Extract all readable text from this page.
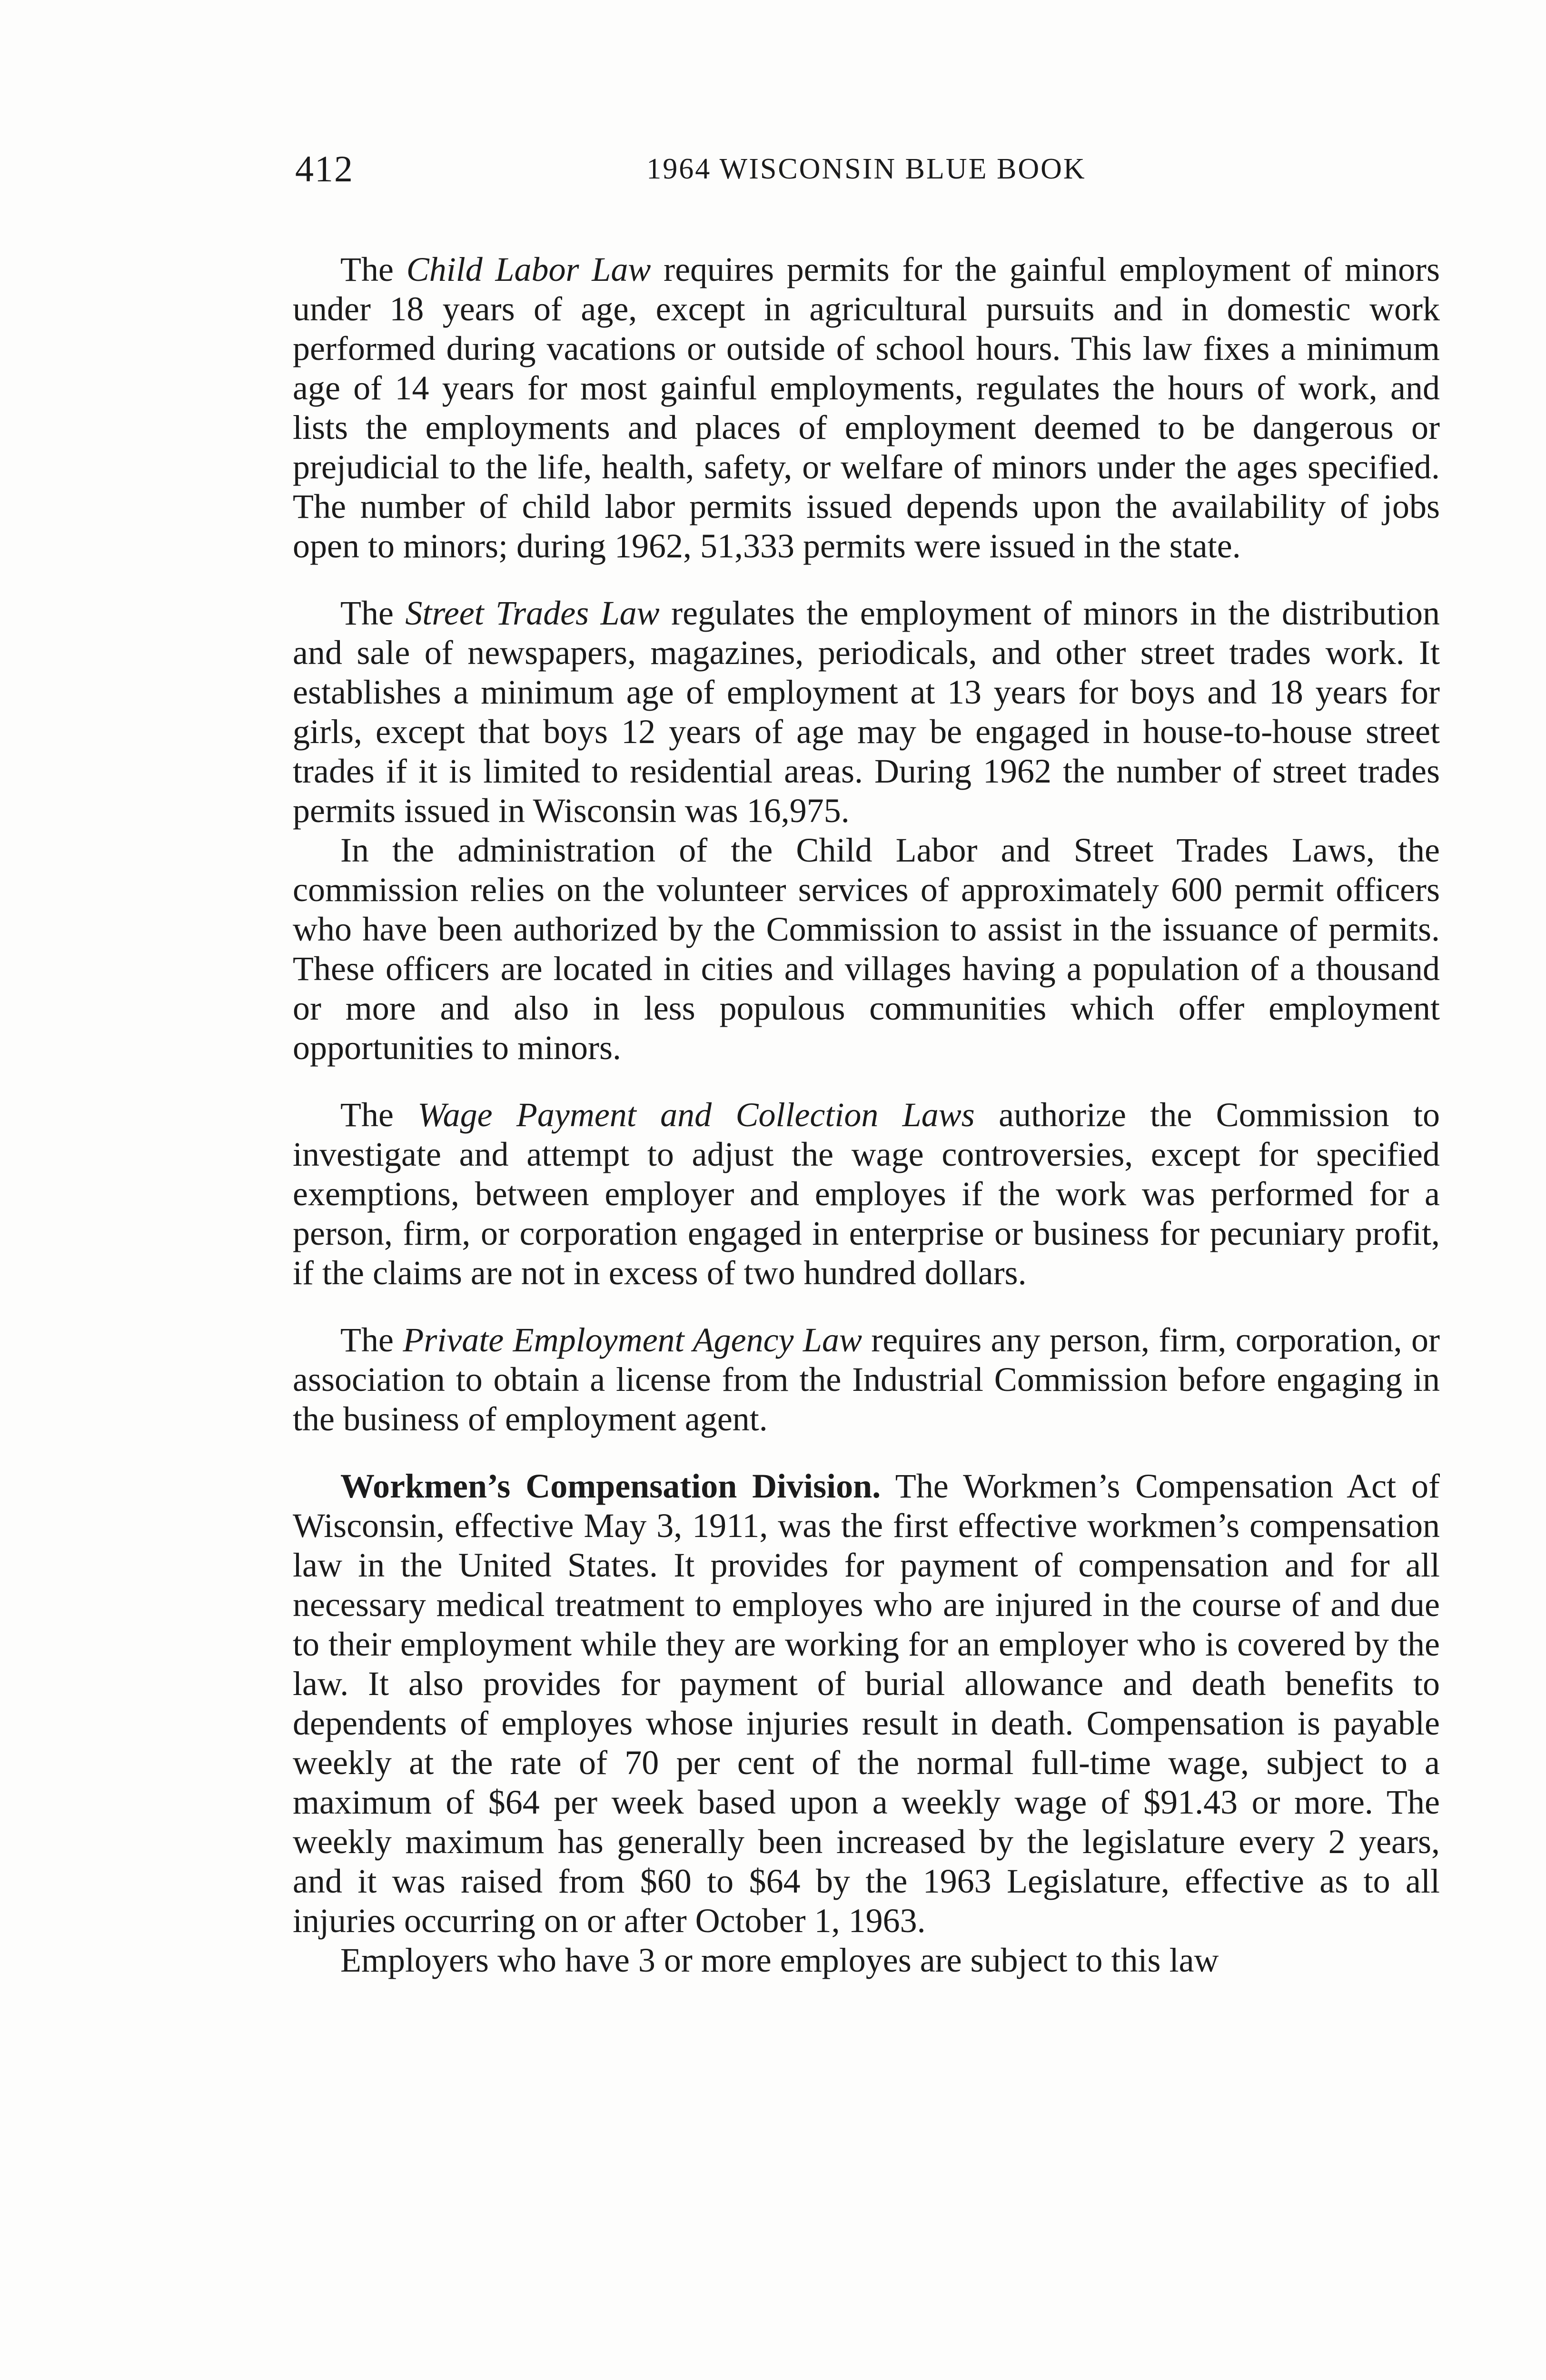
412	1964 WISCONSIN BLUE BOOK

The Child Labor Law requires permits for the gainful employment of minors under 18 years of age, except in agricultural pursuits and in domestic work performed during vacations or outside of school hours. This law fixes a minimum age of 14 years for most gainful employments, regulates the hours of work, and lists the employments and places of employment deemed to be dangerous or prejudicial to the life, health, safety, or welfare of minors under the ages specified. The number of child labor permits issued depends upon the availability of jobs open to minors; during 1962, 51,333 permits were issued in the state.

The Street Trades Law regulates the employment of minors in the distribution and sale of newspapers, magazines, periodicals, and other street trades work. It establishes a minimum age of employment at 13 years for boys and 18 years for girls, except that boys 12 years of age may be engaged in house-to-house street trades if it is limited to residential areas. During 1962 the number of street trades permits issued in Wisconsin was 16,975.

In the administration of the Child Labor and Street Trades Laws, the commission relies on the volunteer services of approximately 600 permit officers who have been authorized by the Commission to assist in the issuance of permits. These officers are located in cities and villages having a population of a thousand or more and also in less populous communities which offer employment opportunities to minors.

The Wage Payment and Collection Laws authorize the Commission to investigate and attempt to adjust the wage controversies, except for specified exemptions, between employer and employes if the work was performed for a person, firm, or corporation engaged in enterprise or business for pecuniary profit, if the claims are not in excess of two hundred dollars.

The Private Employment Agency Law requires any person, firm, corporation, or association to obtain a license from the Industrial Commission before engaging in the business of employment agent.

Workmen’s Compensation Division. The Workmen’s Compensation Act of Wisconsin, effective May 3, 1911, was the first effective workmen’s compensation law in the United States. It provides for payment of compensation and for all necessary medical treatment to employes who are injured in the course of and due to their employment while they are working for an employer who is covered by the law. It also provides for payment of burial allowance and death benefits to dependents of employes whose injuries result in death. Compensation is payable weekly at the rate of 70 per cent of the normal full-time wage, subject to a maximum of $64 per week based upon a weekly wage of $91.43 or more. The weekly maximum has generally been increased by the legislature every 2 years, and it was raised from $60 to $64 by the 1963 Legislature, effective as to all injuries occurring on or after October 1, 1963.

Employers who have 3 or more employes are subject to this law
